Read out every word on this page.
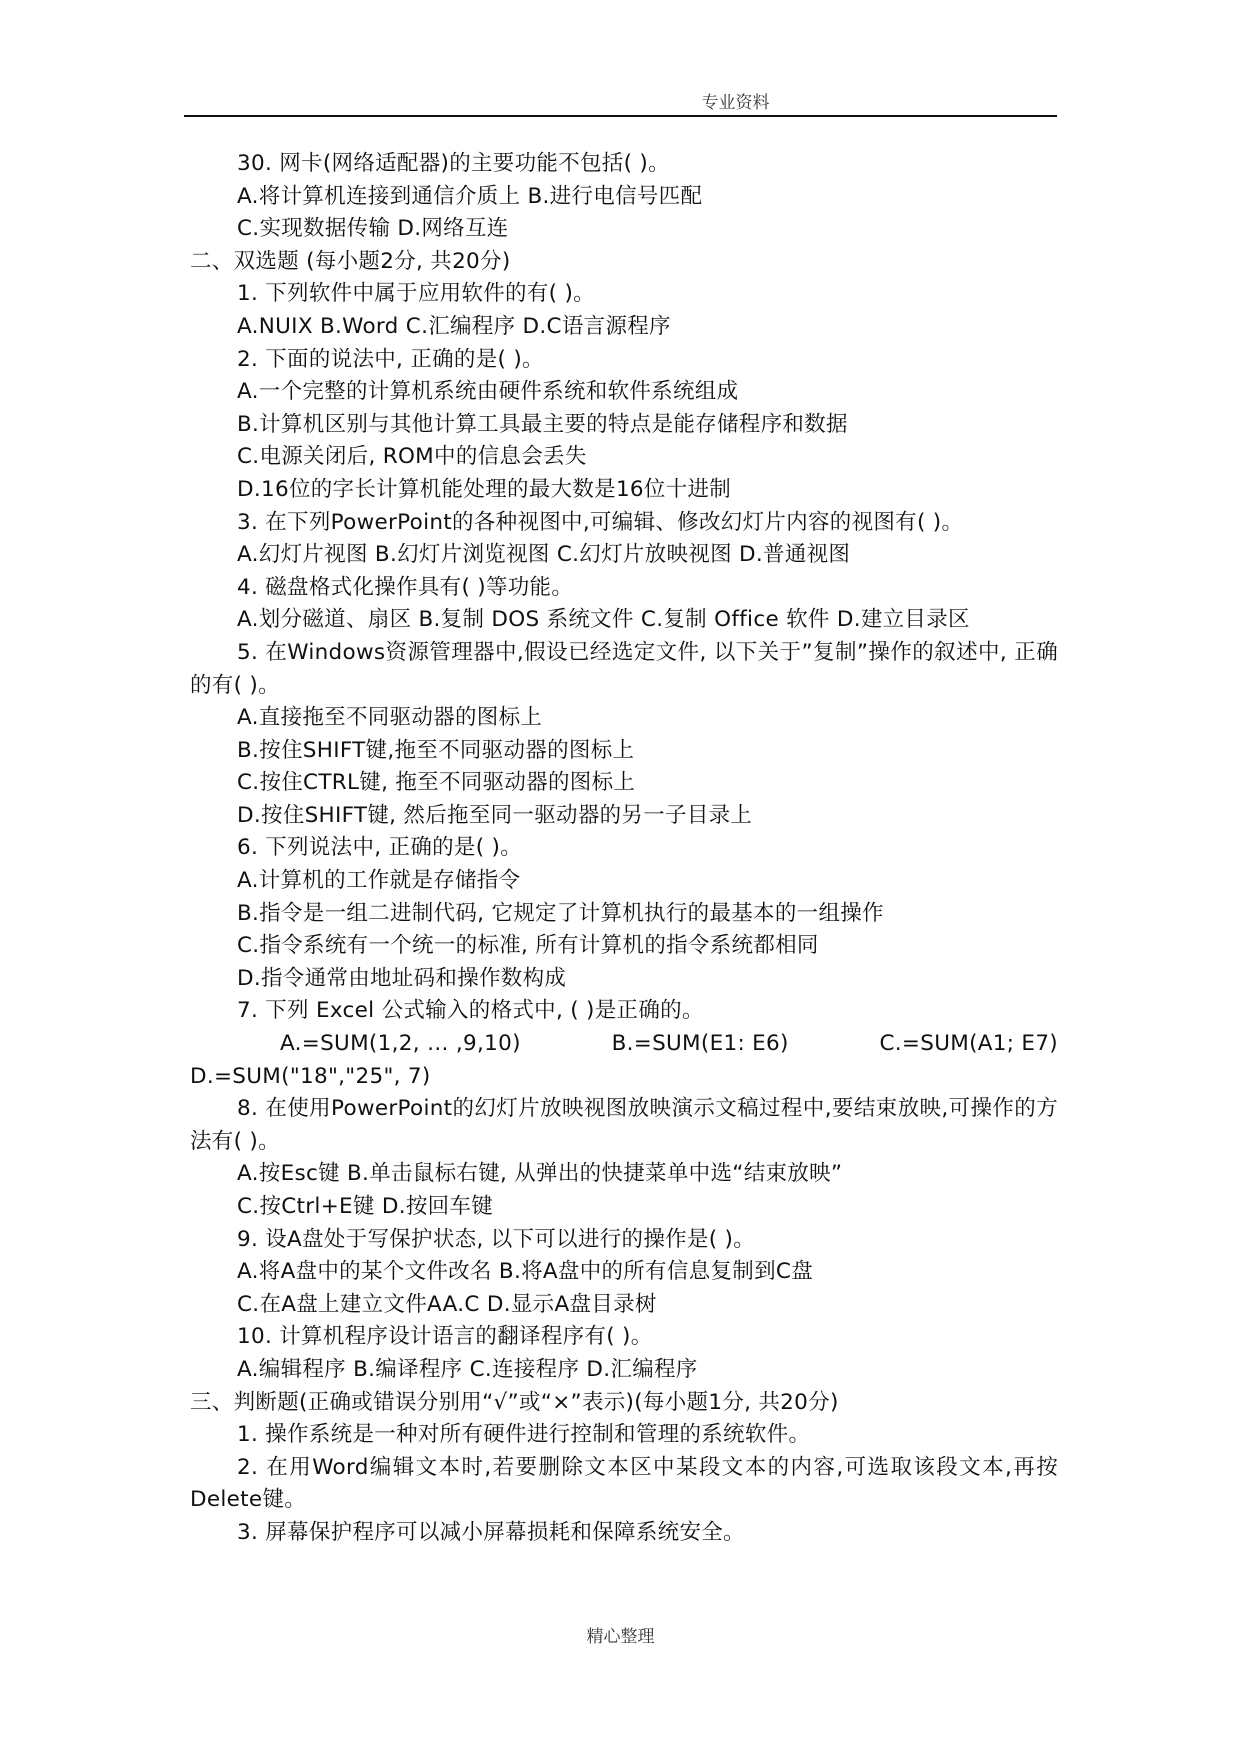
专业资料
30. 网卡(网络适配器)的主要功能不包括( )。
A.将计算机连接到通信介质上 B.进行电信号匹配
C.实现数据传输 D.网络互连
二、双选题 (每小题2分, 共20分)
1. 下列软件中属于应用软件的有( )。
A.NUIX B.Word C.汇编程序 D.C语言源程序
2. 下面的说法中, 正确的是( )。
A.一个完整的计算机系统由硬件系统和软件系统组成
B.计算机区别与其他计算工具最主要的特点是能存储程序和数据
C.电源关闭后, ROM中的信息会丢失
D.16位的字长计算机能处理的最大数是16位十进制
3. 在下列PowerPoint的各种视图中,可编辑、修改幻灯片内容的视图有( )。
A.幻灯片视图 B.幻灯片浏览视图 C.幻灯片放映视图 D.普通视图
4. 磁盘格式化操作具有( )等功能。
A.划分磁道、扇区 B.复制 DOS 系统文件 C.复制 Office 软件 D.建立目录区
5. 在Windows资源管理器中,假设已经选定文件, 以下关于”复制”操作的叙述中, 正确的有( )。
A.直接拖至不同驱动器的图标上
B.按住SHIFT键,拖至不同驱动器的图标上
C.按住CTRL键, 拖至不同驱动器的图标上
D.按住SHIFT键, 然后拖至同一驱动器的另一子目录上
6. 下列说法中, 正确的是( )。
A.计算机的工作就是存储指令
B.指令是一组二进制代码, 它规定了计算机执行的最基本的一组操作
C.指令系统有一个统一的标准, 所有计算机的指令系统都相同
D.指令通常由地址码和操作数构成
7. 下列 Excel 公式输入的格式中, ( )是正确的。
A.=SUM(1,2, … ,9,10)	B.=SUM(E1: E6)	C.=SUM(A1; E7)
D.=SUM("18","25", 7)
8. 在使用PowerPoint的幻灯片放映视图放映演示文稿过程中,要结束放映,可操作的方法有( )。
A.按Esc键 B.单击鼠标右键, 从弹出的快捷菜单中选“结束放映”
C.按Ctrl+E键 D.按回车键
9. 设A盘处于写保护状态, 以下可以进行的操作是( )。
A.将A盘中的某个文件改名 B.将A盘中的所有信息复制到C盘
C.在A盘上建立文件AA.C D.显示A盘目录树
10. 计算机程序设计语言的翻译程序有( )。
A.编辑程序 B.编译程序 C.连接程序 D.汇编程序
三、判断题(正确或错误分别用“√”或“×”表示)(每小题1分, 共20分)
1. 操作系统是一种对所有硬件进行控制和管理的系统软件。
2. 在用Word编辑文本时,若要删除文本区中某段文本的内容,可选取该段文本,再按Delete键。
3. 屏幕保护程序可以减小屏幕损耗和保障系统安全。
精心整理
